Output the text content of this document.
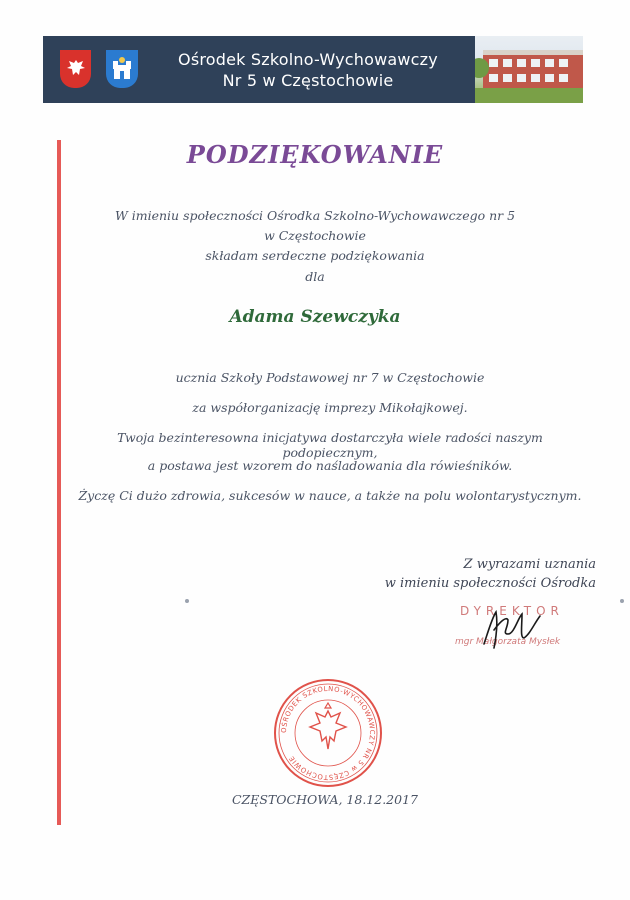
Ośrodek Szkolno-Wychowawczy
Nr 5 w Częstochowie
PODZIĘKOWANIE
W imieniu społeczności Ośrodka Szkolno-Wychowawczego nr 5
w Częstochowie
składam serdeczne podziękowania
dla
Adama Szewczyka
ucznia Szkoły Podstawowej nr 7 w Częstochowie
za współorganizację imprezy Mikołajkowej.
Twoja bezinteresowna inicjatywa dostarczyła wiele radości naszym podopiecznym,
a postawa jest wzorem do naśladowania dla rówieśników.
Życzę Ci dużo zdrowia, sukcesów w nauce, a także na polu wolontarystycznym.
Z wyrazami uznania
w imieniu społeczności Ośrodka
DYREKTOR
mgr Małgorzata Mysłek
OŚRODEK SZKOLNO-WYCHOWAWCZY NR 5 w CZĘSTOCHOWIE
CZĘSTOCHOWA, 18.12.2017
